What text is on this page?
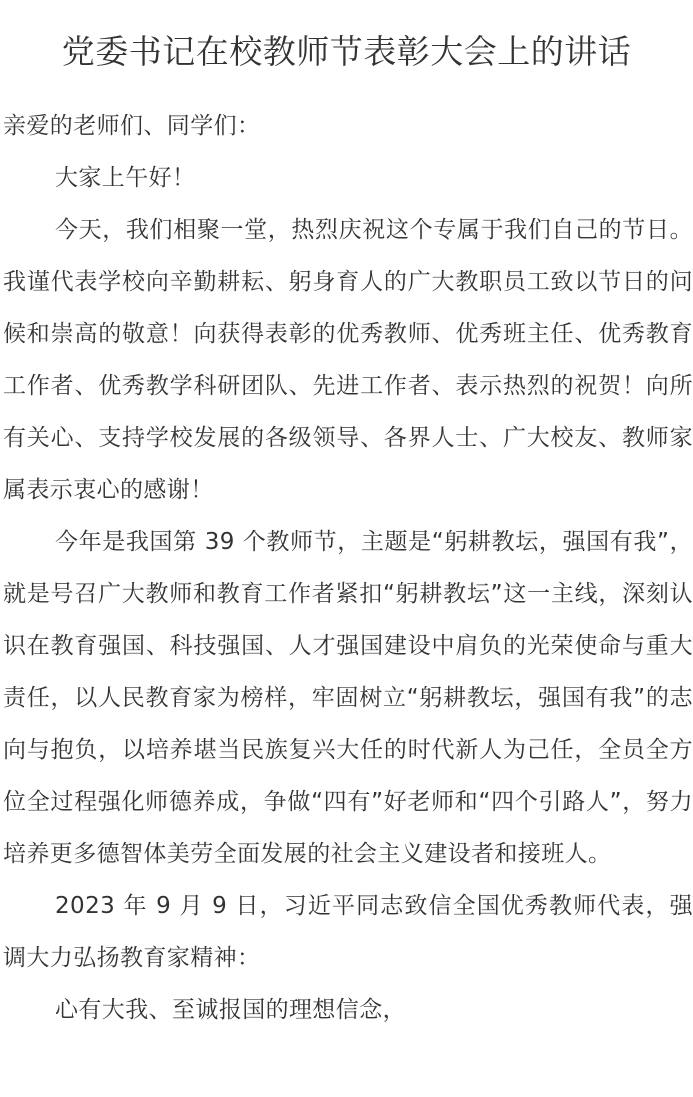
党委书记在校教师节表彰大会上的讲话

亲爱的老师们、同学们：

大家上午好！

今天，我们相聚一堂，热烈庆祝这个专属于我们自己的节日。我谨代表学校向辛勤耕耘、躬身育人的广大教职员工致以节日的问候和崇高的敬意！向获得表彰的优秀教师、优秀班主任、优秀教育工作者、优秀教学科研团队、先进工作者、表示热烈的祝贺！向所有关心、支持学校发展的各级领导、各界人士、广大校友、教师家属表示衷心的感谢！

今年是我国第 39 个教师节，主题是“躬耕教坛，强国有我”，就是号召广大教师和教育工作者紧扣“躬耕教坛”这一主线，深刻认识在教育强国、科技强国、人才强国建设中肩负的光荣使命与重大责任，以人民教育家为榜样，牢固树立“躬耕教坛，强国有我”的志向与抱负，以培养堪当民族复兴大任的时代新人为己任，全员全方位全过程强化师德养成，争做“四有”好老师和“四个引路人”，努力培养更多德智体美劳全面发展的社会主义建设者和接班人。

2023 年 9 月 9 日，习近平同志致信全国优秀教师代表，强调大力弘扬教育家精神：

心有大我、至诚报国的理想信念，
